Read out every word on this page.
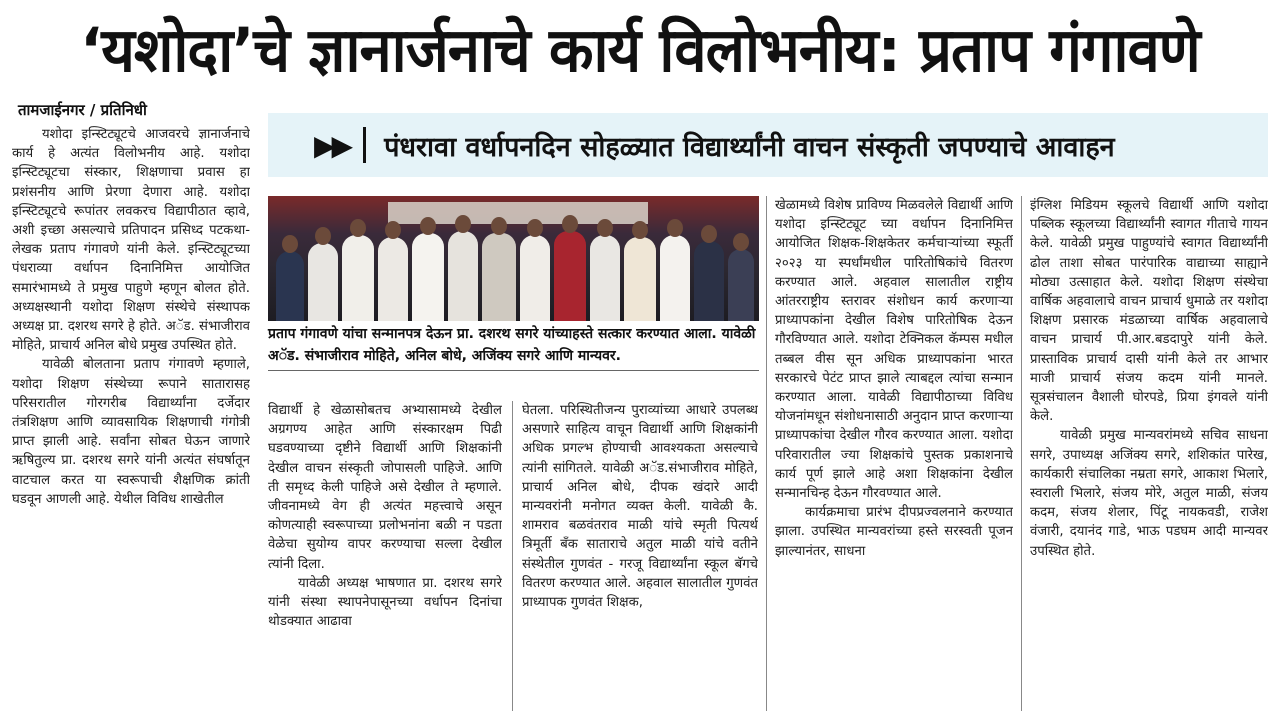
‘यशोदा’चे ज्ञानार्जनाचे कार्य विलोभनीय: प्रताप गंगावणे
तामजाईनगर / प्रतिनिधी
▶▶ पंधरावा वर्धापनदिन सोहळ्यात विद्यार्थ्यांनी वाचन संस्कृती जपण्याचे आवाहन

यशोदा इन्स्टिट्यूटचे आजवरचे ज्ञानार्जनाचे कार्य हे अत्यंत विलोभनीय आहे. यशोदा इन्स्टिट्यूटचा संस्कार, शिक्षणाचा प्रवास हा प्रशंसनीय आणि प्रेरणा देणारा आहे. यशोदा इन्स्टिट्यूटचे रूपांतर लवकरच विद्यापीठात व्हावे, अशी इच्छा असल्याचे प्रतिपादन प्रसिध्द पटकथा- लेखक प्रताप गंगावणे यांनी केले. इन्स्टिट्यूटच्या पंधराव्या वर्धापन दिनानिमित्त आयोजित समारंभामध्ये ते प्रमुख पाहुणे म्हणून बोलत होते. अध्यक्षस्थानी यशोदा शिक्षण संस्थेचे संस्थापक अध्यक्ष प्रा. दशरथ सगरे हे होते. अॅड. संभाजीराव मोहिते, प्राचार्य अनिल बोधे प्रमुख उपस्थित होते.

यावेळी बोलताना प्रताप गंगावणे म्हणाले, यशोदा शिक्षण संस्थेच्या रूपाने सातारासह परिसरातील गोरगरीब विद्यार्थ्यांना दर्जेदार तंत्रशिक्षण आणि व्यावसायिक शिक्षणाची गंगोत्री प्राप्त झाली आहे. सर्वांना सोबत घेऊन जाणारे ऋषितुल्य प्रा. दशरथ सगरे यांनी अत्यंत संघर्षातून वाटचाल करत या स्वरूपाची शैक्षणिक क्रांती घडवून आणली आहे. येथील विविध शाखेतील

प्रताप गंगावणे यांचा सन्मानपत्र देऊन प्रा. दशरथ सगरे यांच्याहस्ते सत्कार करण्यात आला. यावेळी अॅड. संभाजीराव मोहिते, अनिल बोधे, अजिंक्य सगरे आणि मान्यवर.

विद्यार्थी हे खेळासोबतच अभ्यासामध्ये देखील अग्रगण्य आहेत आणि संस्कारक्षम पिढी घडवण्याच्या दृष्टीने विद्यार्थी आणि शिक्षकांनी देखील वाचन संस्कृती जोपासली पाहिजे. आणि ती समृध्द केली पाहिजे असे देखील ते म्हणाले. जीवनामध्ये वेग ही अत्यंत महत्त्वाचे असून कोणत्याही स्वरूपाच्या प्रलोभनांना बळी न पडता वेळेचा सुयोग्य वापर करण्याचा सल्ला देखील त्यांनी दिला.

यावेळी अध्यक्ष भाषणात प्रा. दशरथ सगरे यांनी संस्था स्थापनेपासूनच्या वर्धापन दिनांचा थोडक्यात आढावा

घेतला. परिस्थितीजन्य पुराव्यांच्या आधारे उपलब्ध असणारे साहित्य वाचून विद्यार्थी आणि शिक्षकांनी अधिक प्रगल्भ होण्याची आवश्यकता असल्याचे त्यांनी सांगितले. यावेळी अॅड.संभाजीराव मोहिते, प्राचार्य अनिल बोधे, दीपक खंदारे आदी मान्यवरांनी मनोगत व्यक्त केली. यावेळी कै. शामराव बळवंतराव माळी यांचे स्मृती पित्यर्थ त्रिमूर्ती बँक साताराचे अतुल माळी यांचे वतीने संस्थेतील गुणवंत - गरजू विद्यार्थ्यांना स्कूल बॅगचे वितरण करण्यात आले. अहवाल सालातील गुणवंत प्राध्यापक गुणवंत शिक्षक,

खेळामध्ये विशेष प्राविण्य मिळवलेले विद्यार्थी आणि यशोदा इन्स्टिट्यूट च्या वर्धापन दिनानिमित्त आयोजित शिक्षक-शिक्षकेतर कर्मचाऱ्यांच्या स्फूर्ती २०२३ या स्पर्धांमधील पारितोषिकांचे वितरण करण्यात आले. अहवाल सालातील राष्ट्रीय आंतरराष्ट्रीय स्तरावर संशोधन कार्य करणाऱ्या प्राध्यापकांना देखील विशेष पारितोषिक देऊन गौरविण्यात आले. यशोदा टेक्निकल कॅम्पस मधील तब्बल वीस सून अधिक प्राध्यापकांना भारत सरकारचे पेटंट प्राप्त झाले त्याबद्दल त्यांचा सन्मान करण्यात आला. यावेळी विद्यापीठाच्या विविध योजनांमधून संशोधनासाठी अनुदान प्राप्त करणाऱ्या प्राध्यापकांचा देखील गौरव करण्यात आला. यशोदा परिवारातील ज्या शिक्षकांचे पुस्तक प्रकाशनाचे कार्य पूर्ण झाले आहे अशा शिक्षकांना देखील सन्मानचिन्ह देऊन गौरवण्यात आले.

कार्यक्रमाचा प्रारंभ दीपप्रज्वलनाने करण्यात झाला. उपस्थित मान्यवरांच्या हस्ते सरस्वती पूजन झाल्यानंतर, साधना

इंग्लिश मिडियम स्कूलचे विद्यार्थी आणि यशोदा पब्लिक स्कूलच्या विद्यार्थ्यांनी स्वागत गीताचे गायन केले. यावेळी प्रमुख पाहुण्यांचे स्वागत विद्यार्थ्यांनी ढोल ताशा सोबत पारंपारिक वाद्याच्या साह्याने मोठ्या उत्साहात केले. यशोदा शिक्षण संस्थेचा वार्षिक अहवालाचे वाचन प्राचार्य धुमाळे तर यशोदा शिक्षण प्रसारक मंडळाच्या वार्षिक अहवालाचे वाचन प्राचार्य पी.आर.बडदापुरे यांनी केले. प्रास्ताविक प्राचार्य दासी यांनी केले तर आभार माजी प्राचार्य संजय कदम यांनी मानले. सूत्रसंचालन वैशाली घोरपडे, प्रिया इंगवले यांनी केले.

यावेळी प्रमुख मान्यवरांमध्ये सचिव साधना सगरे, उपाध्यक्ष अजिंक्य सगरे, शशिकांत पारेख, कार्यकारी संचालिका नम्रता सगरे, आकाश भिलारे, स्वराली भिलारे, संजय मोरे, अतुल माळी, संजय कदम, संजय शेलार, पिंटू नायकवडी, राजेश वंजारी, दयानंद गाडे, भाऊ पडघम आदी मान्यवर उपस्थित होते.
